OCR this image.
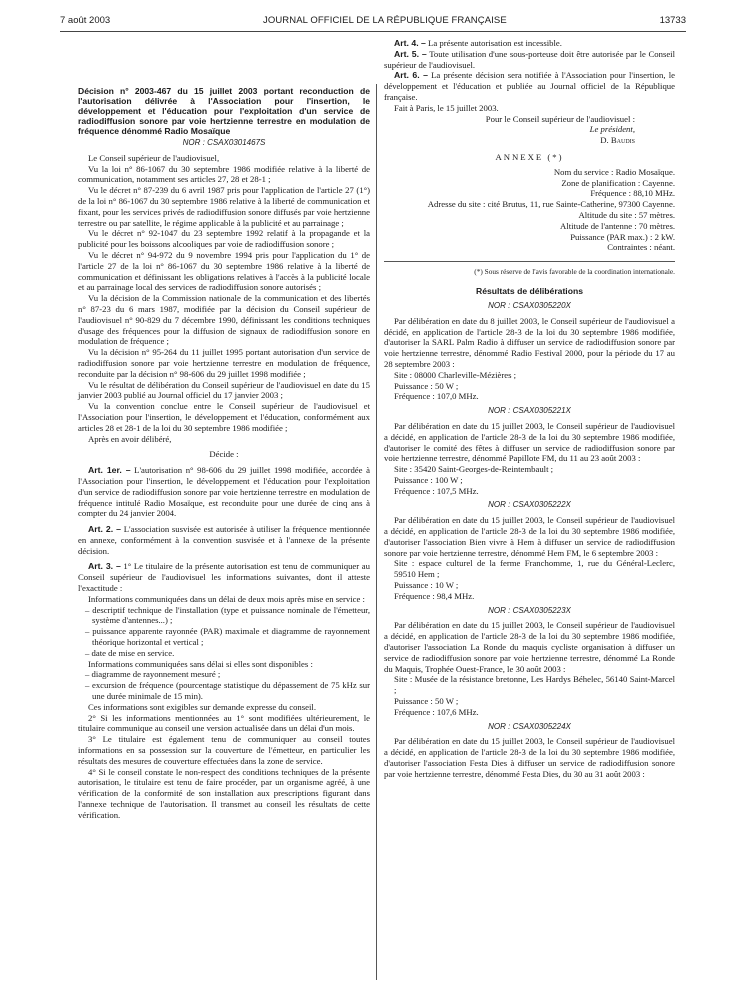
7 août 2003	JOURNAL OFFICIEL DE LA RÉPUBLIQUE FRANÇAISE	13733
Décision n° 2003-467 du 15 juillet 2003 portant reconduction de l'autorisation délivrée à l'Association pour l'insertion, le développement et l'éducation pour l'exploitation d'un service de radiodiffusion sonore par voie hertzienne terrestre en modulation de fréquence dénommé Radio Mosaïque
NOR : CSAX0301467S

Le Conseil supérieur de l'audiovisuel,

Vu la loi n° 86-1067 du 30 septembre 1986 modifiée relative à la liberté de communication, notamment ses articles 27, 28 et 28-1 ;

Vu le décret n° 87-239 du 6 avril 1987 pris pour l'application de l'article 27 (1°) de la loi n° 86-1067 du 30 septembre 1986 relative à la liberté de communication et fixant, pour les services privés de radiodiffusion sonore diffusés par voie hertzienne terrestre ou par satellite, le régime applicable à la publicité et au parrainage ;

Vu le décret n° 92-1047 du 23 septembre 1992 relatif à la propagande et la publicité pour les boissons alcooliques par voie de radiodiffusion sonore ;

Vu le décret n° 94-972 du 9 novembre 1994 pris pour l'application du 1° de l'article 27 de la loi n° 86-1067 du 30 septembre 1986 relative à la liberté de communication et définissant les obligations relatives à l'accès à la publicité locale et au parrainage local des services de radiodiffusion sonore autorisés ;

Vu la décision de la Commission nationale de la communication et des libertés n° 87-23 du 6 mars 1987, modifiée par la décision du Conseil supérieur de l'audiovisuel n° 90-829 du 7 décembre 1990, définissant les conditions techniques d'usage des fréquences pour la diffusion de signaux de radiodiffusion sonore en modulation de fréquence ;

Vu la décision n° 95-264 du 11 juillet 1995 portant autorisation d'un service de radiodiffusion sonore par voie hertzienne terrestre en modulation de fréquence, reconduite par la décision n° 98-606 du 29 juillet 1998 modifiée ;

Vu le résultat de délibération du Conseil supérieur de l'audiovisuel en date du 15 janvier 2003 publié au Journal officiel du 17 janvier 2003 ;

Vu la convention conclue entre le Conseil supérieur de l'audiovisuel et l'Association pour l'insertion, le développement et l'éducation, conformément aux articles 28 et 28-1 de la loi du 30 septembre 1986 modifiée ;

Après en avoir délibéré,

Décide :

Art. 1er. – L'autorisation n° 98-606 du 29 juillet 1998 modifiée, accordée à l'Association pour l'insertion, le développement et l'éducation pour l'exploitation d'un service de radiodiffusion sonore par voie hertzienne terrestre en modulation de fréquence intitulé Radio Mosaïque, est reconduite pour une durée de cinq ans à compter du 24 janvier 2004.

Art. 2. – L'association susvisée est autorisée à utiliser la fréquence mentionnée en annexe, conformément à la convention susvisée et à l'annexe de la présente décision.

Art. 3. – 1° Le titulaire de la présente autorisation est tenu de communiquer au Conseil supérieur de l'audiovisuel les informations suivantes, dont il atteste l'exactitude :

Informations communiquées dans un délai de deux mois après mise en service :

– descriptif technique de l'installation (type et puissance nominale de l'émetteur, système d'antennes...) ;
– puissance apparente rayonnée (PAR) maximale et diagramme de rayonnement théorique horizontal et vertical ;
– date de mise en service.

Informations communiquées sans délai si elles sont disponibles :

– diagramme de rayonnement mesuré ;
– excursion de fréquence (pourcentage statistique du dépassement de 75 kHz sur une durée minimale de 15 min).

Ces informations sont exigibles sur demande expresse du conseil.

2° Si les informations mentionnées au 1° sont modifiées ultérieurement, le titulaire communique au conseil une version actualisée dans un délai d'un mois.

3° Le titulaire est également tenu de communiquer au conseil toutes informations en sa possession sur la couverture de l'émetteur, en particulier les résultats des mesures de couverture effectuées dans la zone de service.

4° Si le conseil constate le non-respect des conditions techniques de la présente autorisation, le titulaire est tenu de faire procéder, par un organisme agréé, à une vérification de la conformité de son installation aux prescriptions figurant dans l'annexe technique de l'autorisation. Il transmet au conseil les résultats de cette vérification.

Art. 4. – La présente autorisation est incessible.

Art. 5. – Toute utilisation d'une sous-porteuse doit être autorisée par le Conseil supérieur de l'audiovisuel.

Art. 6. – La présente décision sera notifiée à l'Association pour l'insertion, le développement et l'éducation et publiée au Journal officiel de la République française.

Fait à Paris, le 15 juillet 2003.

Pour le Conseil supérieur de l'audiovisuel :

Le président,

D. Baudis

ANNEXE (*)
Nom du service : Radio Mosaïque.
Zone de planification : Cayenne.
Fréquence : 88,10 MHz.
Adresse du site : cité Brutus, 11, rue Sainte-Catherine, 97300 Cayenne.
Altitude du site : 57 mètres.
Altitude de l'antenne : 70 mètres.
Puissance (PAR max.) : 2 kW.
Contraintes : néant.
(*) Sous réserve de l'avis favorable de la coordination internationale.
Résultats de délibérations
NOR : CSAX0305220X

Par délibération en date du 8 juillet 2003, le Conseil supérieur de l'audiovisuel a décidé, en application de l'article 28-3 de la loi du 30 septembre 1986 modifiée, d'autoriser la SARL Palm Radio à diffuser un service de radiodiffusion sonore par voie hertzienne terrestre, dénommé Radio Festival 2000, pour la période du 17 au 28 septembre 2003 :

Site : 08000 Charleville-Mézières ;

Puissance : 50 W ;

Fréquence : 107,0 MHz.

NOR : CSAX0305221X

Par délibération en date du 15 juillet 2003, le Conseil supérieur de l'audiovisuel a décidé, en application de l'article 28-3 de la loi du 30 septembre 1986 modifiée, d'autoriser le comité des fêtes à diffuser un service de radiodiffusion sonore par voie hertzienne terrestre, dénommé Papillote FM, du 11 au 23 août 2003 :

Site : 35420 Saint-Georges-de-Reintembault ;

Puissance : 100 W ;

Fréquence : 107,5 MHz.

NOR : CSAX0305222X

Par délibération en date du 15 juillet 2003, le Conseil supérieur de l'audiovisuel a décidé, en application de l'article 28-3 de la loi du 30 septembre 1986 modifiée, d'autoriser l'association Bien vivre à Hem à diffuser un service de radiodiffusion sonore par voie hertzienne terrestre, dénommé Hem FM, le 6 septembre 2003 :

Site : espace culturel de la ferme Franchomme, 1, rue du Général-Leclerc, 59510 Hem ;

Puissance : 10 W ;

Fréquence : 98,4 MHz.

NOR : CSAX0305223X

Par délibération en date du 15 juillet 2003, le Conseil supérieur de l'audiovisuel a décidé, en application de l'article 28-3 de la loi du 30 septembre 1986 modifiée, d'autoriser l'association La Ronde du maquis cycliste organisation à diffuser un service de radiodiffusion sonore par voie hertzienne terrestre, dénommé La Ronde du Maquis, Trophée Ouest-France, le 30 août 2003 :

Site : Musée de la résistance bretonne, Les Hardys Béhelec, 56140 Saint-Marcel ;

Puissance : 50 W ;

Fréquence : 107,6 MHz.

NOR : CSAX0305224X

Par délibération en date du 15 juillet 2003, le Conseil supérieur de l'audiovisuel a décidé, en application de l'article 28-3 de la loi du 30 septembre 1986 modifiée, d'autoriser l'association Festa Dies à diffuser un service de radiodiffusion sonore par voie hertzienne terrestre, dénommé Festa Dies, du 30 au 31 août 2003 :
